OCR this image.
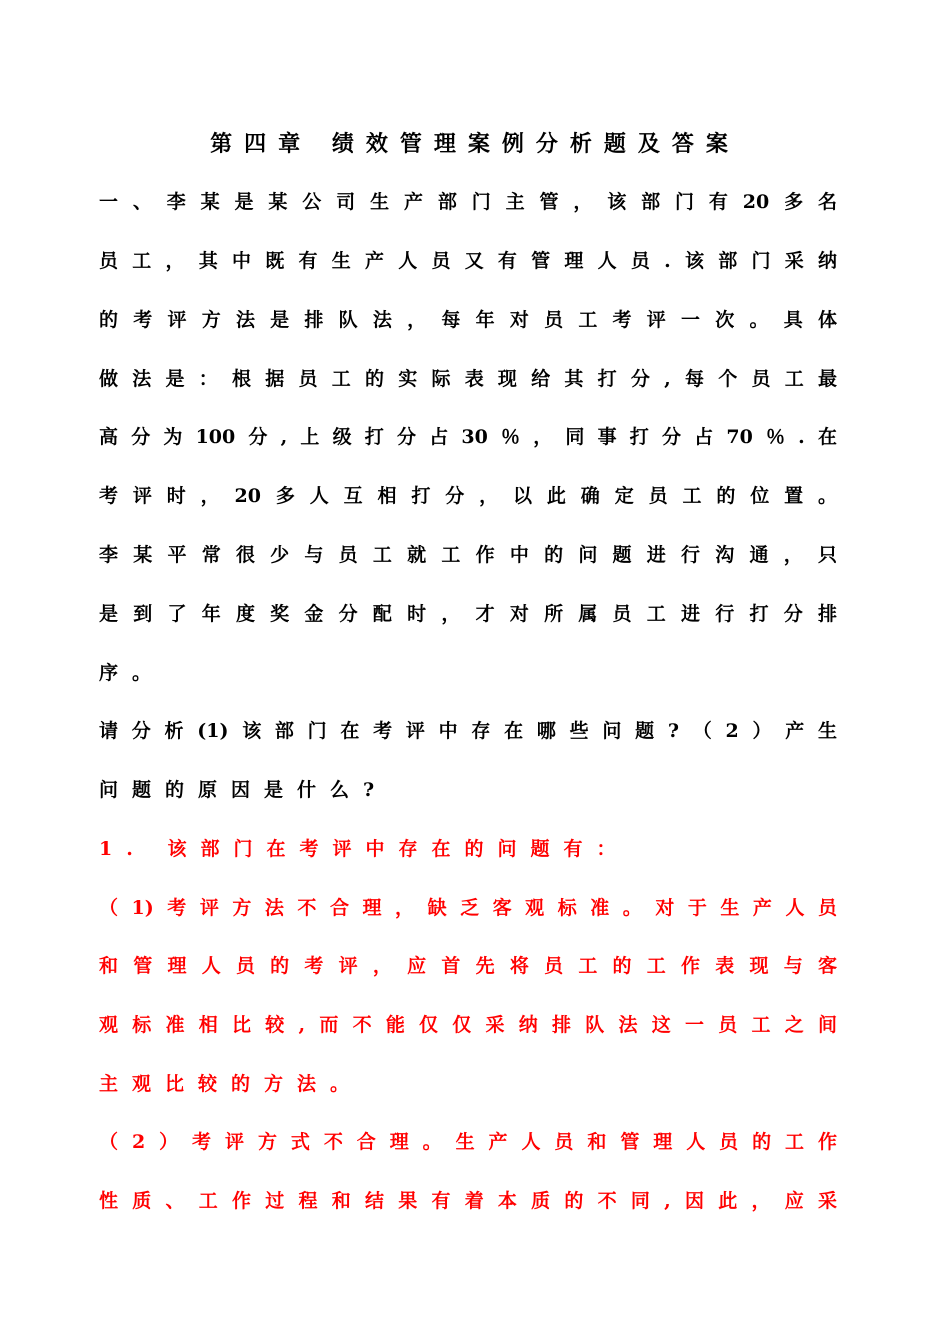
第四章 绩效管理案例分析题及答案
一、李某是某公司生产部门主管，该部门有20多名
员工，其中既有生产人员又有管理人员.该部门采纳
的考评方法是排队法，每年对员工考评一次。具体
做法是：根据员工的实际表现给其打分,每个员工最
高分为100分,上级打分占30％，同事打分占70％.在
考评时，20多人互相打分，以此确定员工的位置。
李某平常很少与员工就工作中的问题进行沟通，只
是到了年度奖金分配时，才对所属员工进行打分排
序。
请分析(1)该部门在考评中存在哪些问题?（2）产生
问题的原因是什么?
1. 该部门在考评中存在的问题有：
（1)考评方法不合理，缺乏客观标准。对于生产人员
和管理人员的考评，应首先将员工的工作表现与客
观标准相比较,而不能仅仅采纳排队法这一员工之间
主观比较的方法。
（2）考评方式不合理。生产人员和管理人员的工作
性质、工作过程和结果有着本质的不同,因此，应采
